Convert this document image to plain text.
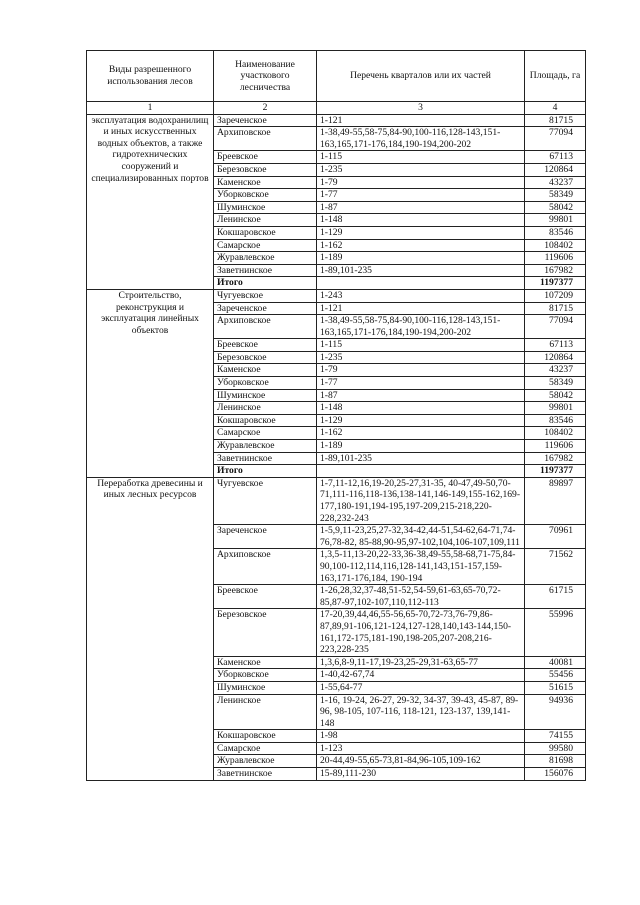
Виды разрешенного использования лесов	Наименование участкового лесничества	Перечень кварталов или их частей	Площадь, га
1	2	3	4
эксплуатация водохранилищ и иных искусственных водных объектов, а также гидротехнических сооружений и специализированных портов	Зареченское	1-121	81715
	Архиповское	1-38,49-55,58-75,84-90,100-116,128-143,151-163,165,171-176,184,190-194,200-202	77094
	Бреевское	1-115	67113
	Березовское	1-235	120864
	Каменское	1-79	43237
	Уборковское	1-77	58349
	Шуминское	1-87	58042
	Ленинское	1-148	99801
	Кокшаровское	1-129	83546
	Самарское	1-162	108402
	Журавлевское	1-189	119606
	Заветнинское	1-89,101-235	167982
	Итого		1197377
Строительство, реконструкция и эксплуатация линейных объектов	Чугуевское	1-243	107209
	Зареченское	1-121	81715
	Архиповское	1-38,49-55,58-75,84-90,100-116,128-143,151-163,165,171-176,184,190-194,200-202	77094
	Бреевское	1-115	67113
	Березовское	1-235	120864
	Каменское	1-79	43237
	Уборковское	1-77	58349
	Шуминское	1-87	58042
	Ленинское	1-148	99801
	Кокшаровское	1-129	83546
	Самарское	1-162	108402
	Журавлевское	1-189	119606
	Заветнинское	1-89,101-235	167982
	Итого		1197377
Переработка древесины и иных лесных ресурсов	Чугуевское	1-7,11-12,16,19-20,25-27,31-35, 40-47,49-50,70-71,111-116,118-136,138-141,146-149,155-162,169-177,180-191,194-195,197-209,215-218,220-228,232-243	89897
	Зареченское	1-5,9,11-23,25,27-32,34-42,44-51,54-62,64-71,74-76,78-82, 85-88,90-95,97-102,104,106-107,109,111	70961
	Архиповское	1,3,5-11,13-20,22-33,36-38,49-55,58-68,71-75,84-90,100-112,114,116,128-141,143,151-157,159-163,171-176,184, 190-194	71562
	Бреевское	1-26,28,32,37-48,51-52,54-59,61-63,65-70,72-85,87-97,102-107,110,112-113	61715
	Березовское	17-20,39,44,46,55-56,65-70,72-73,76-79,86-87,89,91-106,121-124,127-128,140,143-144,150-161,172-175,181-190,198-205,207-208,216-223,228-235	55996
	Каменское	1,3,6,8-9,11-17,19-23,25-29,31-63,65-77	40081
	Уборковское	1-40,42-67,74	55456
	Шуминское	1-55,64-77	51615
	Ленинское	1-16, 19-24, 26-27, 29-32, 34-37, 39-43, 45-87, 89-96, 98-105, 107-116, 118-121, 123-137, 139,141-148	94936
	Кокшаровское	1-98	74155
	Самарское	1-123	99580
	Журавлевское	20-44,49-55,65-73,81-84,96-105,109-162	81698
	Заветнинское	15-89,111-230	156076
